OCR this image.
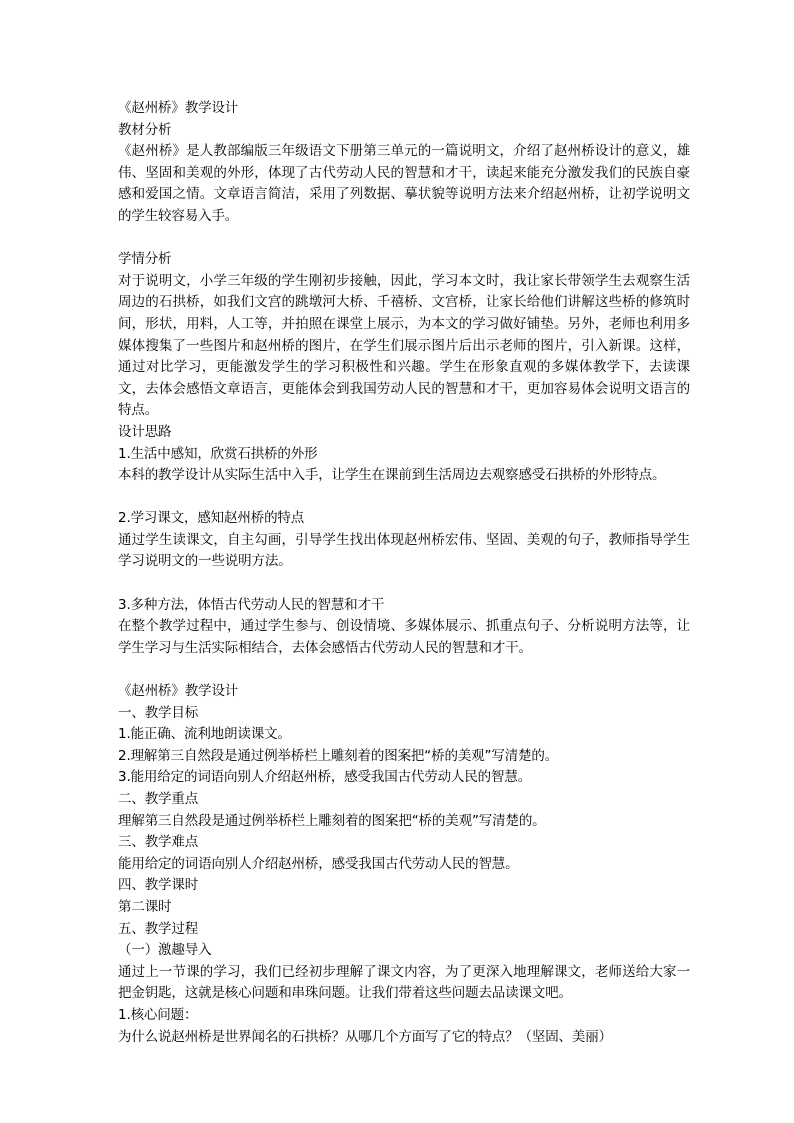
《赵州桥》教学设计
教材分析
《赵州桥》是人教部编版三年级语文下册第三单元的一篇说明文，介绍了赵州桥设计的意义，雄伟、坚固和美观的外形，体现了古代劳动人民的智慧和才干，读起来能充分激发我们的民族自豪感和爱国之情。文章语言简洁，采用了列数据、摹状貌等说明方法来介绍赵州桥，让初学说明文的学生较容易入手。
学情分析
对于说明文，小学三年级的学生刚初步接触，因此，学习本文时，我让家长带领学生去观察生活周边的石拱桥，如我们文宫的跳墩河大桥、千禧桥、文宫桥，让家长给他们讲解这些桥的修筑时间，形状，用料，人工等，并拍照在课堂上展示，为本文的学习做好铺垫。另外，老师也利用多媒体搜集了一些图片和赵州桥的图片，在学生们展示图片后出示老师的图片，引入新课。这样，通过对比学习，更能激发学生的学习积极性和兴趣。学生在形象直观的多媒体教学下，去读课文，去体会感悟文章语言，更能体会到我国劳动人民的智慧和才干，更加容易体会说明文语言的特点。
设计思路
1.生活中感知，欣赏石拱桥的外形
本科的教学设计从实际生活中入手，让学生在课前到生活周边去观察感受石拱桥的外形特点。
2.学习课文，感知赵州桥的特点
通过学生读课文，自主勾画，引导学生找出体现赵州桥宏伟、坚固、美观的句子，教师指导学生学习说明文的一些说明方法。
3.多种方法，体悟古代劳动人民的智慧和才干
在整个教学过程中，通过学生参与、创设情境、多媒体展示、抓重点句子、分析说明方法等，让学生学习与生活实际相结合，去体会感悟古代劳动人民的智慧和才干。
《赵州桥》教学设计
一、教学目标
1.能正确、流利地朗读课文。
2.理解第三自然段是通过例举桥栏上雕刻着的图案把“桥的美观”写清楚的。
3.能用给定的词语向别人介绍赵州桥，感受我国古代劳动人民的智慧。
二、教学重点
理解第三自然段是通过例举桥栏上雕刻着的图案把“桥的美观”写清楚的。
三、教学难点
能用给定的词语向别人介绍赵州桥，感受我国古代劳动人民的智慧。
四、教学课时
第二课时
五、教学过程
（一）激趣导入
通过上一节课的学习，我们已经初步理解了课文内容，为了更深入地理解课文，老师送给大家一把金钥匙，这就是核心问题和串珠问题。让我们带着这些问题去品读课文吧。
1.核心问题：
为什么说赵州桥是世界闻名的石拱桥？从哪几个方面写了它的特点？（坚固、美丽）
